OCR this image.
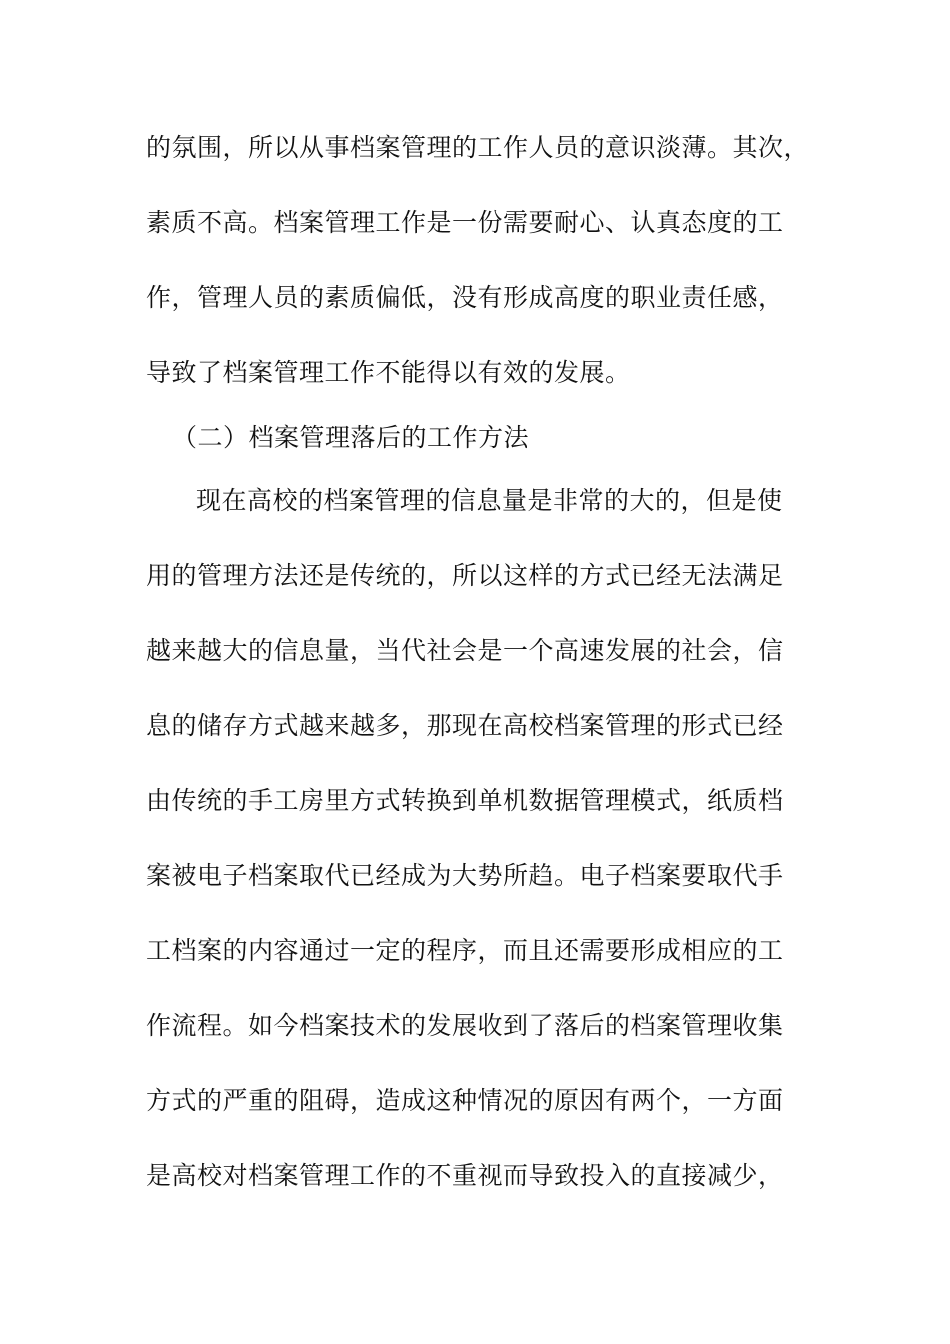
的氛围，所以从事档案管理的工作人员的意识淡薄。其次，
素质不高。档案管理工作是一份需要耐心、认真态度的工
作，管理人员的素质偏低，没有形成高度的职业责任感，
导致了档案管理工作不能得以有效的发展。
（二）档案管理落后的工作方法
现在高校的档案管理的信息量是非常的大的，但是使
用的管理方法还是传统的，所以这样的方式已经无法满足
越来越大的信息量，当代社会是一个高速发展的社会，信
息的储存方式越来越多，那现在高校档案管理的形式已经
由传统的手工房里方式转换到单机数据管理模式，纸质档
案被电子档案取代已经成为大势所趋。电子档案要取代手
工档案的内容通过一定的程序，而且还需要形成相应的工
作流程。如今档案技术的发展收到了落后的档案管理收集
方式的严重的阻碍，造成这种情况的原因有两个，一方面
是高校对档案管理工作的不重视而导致投入的直接减少，
